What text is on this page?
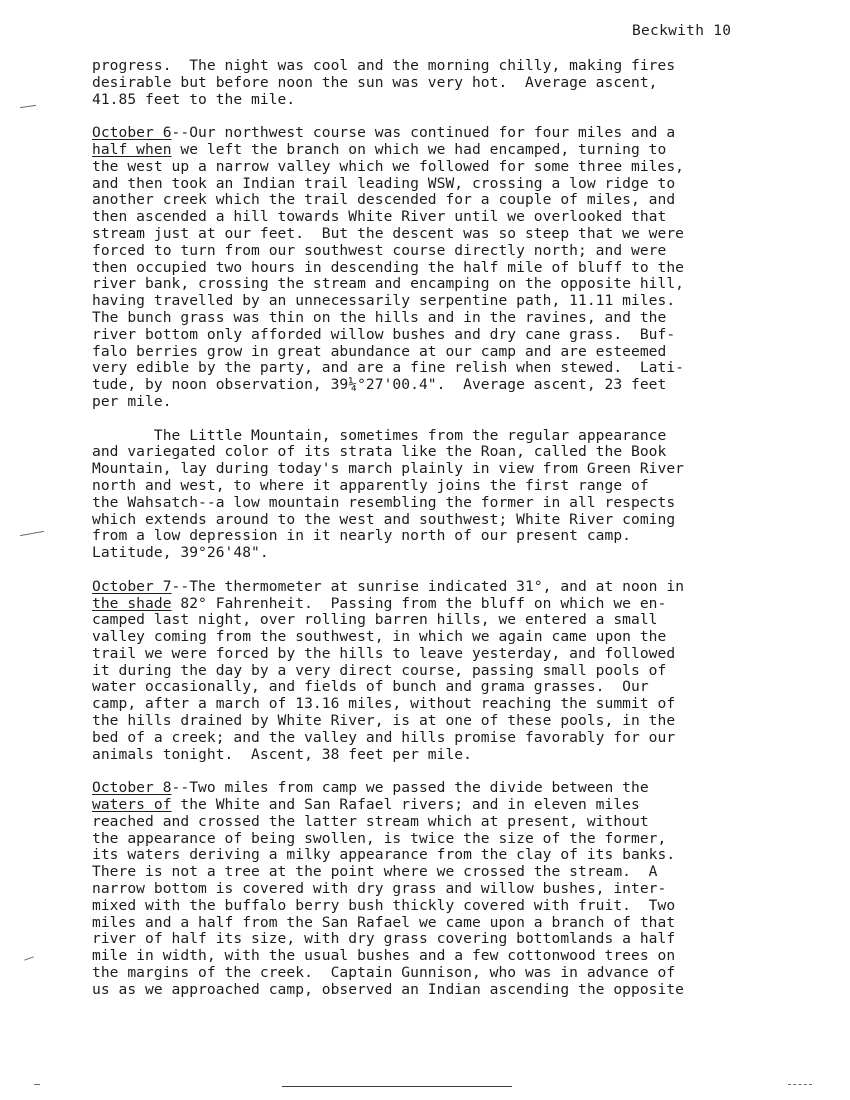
Beckwith 10

progress.  The night was cool and the morning chilly, making fires
desirable but before noon the sun was very hot.  Average ascent,
41.85 feet to the mile.

October 6--Our northwest course was continued for four miles and a
half when we left the branch on which we had encamped, turning to
the west up a narrow valley which we followed for some three miles,
and then took an Indian trail leading WSW, crossing a low ridge to
another creek which the trail descended for a couple of miles, and
then ascended a hill towards White River until we overlooked that
stream just at our feet.  But the descent was so steep that we were
forced to turn from our southwest course directly north; and were
then occupied two hours in descending the half mile of bluff to the
river bank, crossing the stream and encamping on the opposite hill,
having travelled by an unnecessarily serpentine path, 11.11 miles.
The bunch grass was thin on the hills and in the ravines, and the
river bottom only afforded willow bushes and dry cane grass.  Buf-
falo berries grow in great abundance at our camp and are esteemed
very edible by the party, and are a fine relish when stewed.  Lati-
tude, by noon observation, 39¼°27'00.4".  Average ascent, 23 feet
per mile.

The Little Mountain, sometimes from the regular appearance
and variegated color of its strata like the Roan, called the Book
Mountain, lay during today's march plainly in view from Green River
north and west, to where it apparently joins the first range of
the Wahsatch--a low mountain resembling the former in all respects
which extends around to the west and southwest; White River coming
from a low depression in it nearly north of our present camp.
Latitude, 39°26'48".

October 7--The thermometer at sunrise indicated 31°, and at noon in
the shade 82° Fahrenheit.  Passing from the bluff on which we en-
camped last night, over rolling barren hills, we entered a small
valley coming from the southwest, in which we again came upon the
trail we were forced by the hills to leave yesterday, and followed
it during the day by a very direct course, passing small pools of
water occasionally, and fields of bunch and grama grasses.  Our
camp, after a march of 13.16 miles, without reaching the summit of
the hills drained by White River, is at one of these pools, in the
bed of a creek; and the valley and hills promise favorably for our
animals tonight.  Ascent, 38 feet per mile.

October 8--Two miles from camp we passed the divide between the
waters of the White and San Rafael rivers; and in eleven miles
reached and crossed the latter stream which at present, without
the appearance of being swollen, is twice the size of the former,
its waters deriving a milky appearance from the clay of its banks.
There is not a tree at the point where we crossed the stream.  A
narrow bottom is covered with dry grass and willow bushes, inter-
mixed with the buffalo berry bush thickly covered with fruit.  Two
miles and a half from the San Rafael we came upon a branch of that
river of half its size, with dry grass covering bottomlands a half
mile in width, with the usual bushes and a few cottonwood trees on
the margins of the creek.  Captain Gunnison, who was in advance of
us as we approached camp, observed an Indian ascending the opposite
